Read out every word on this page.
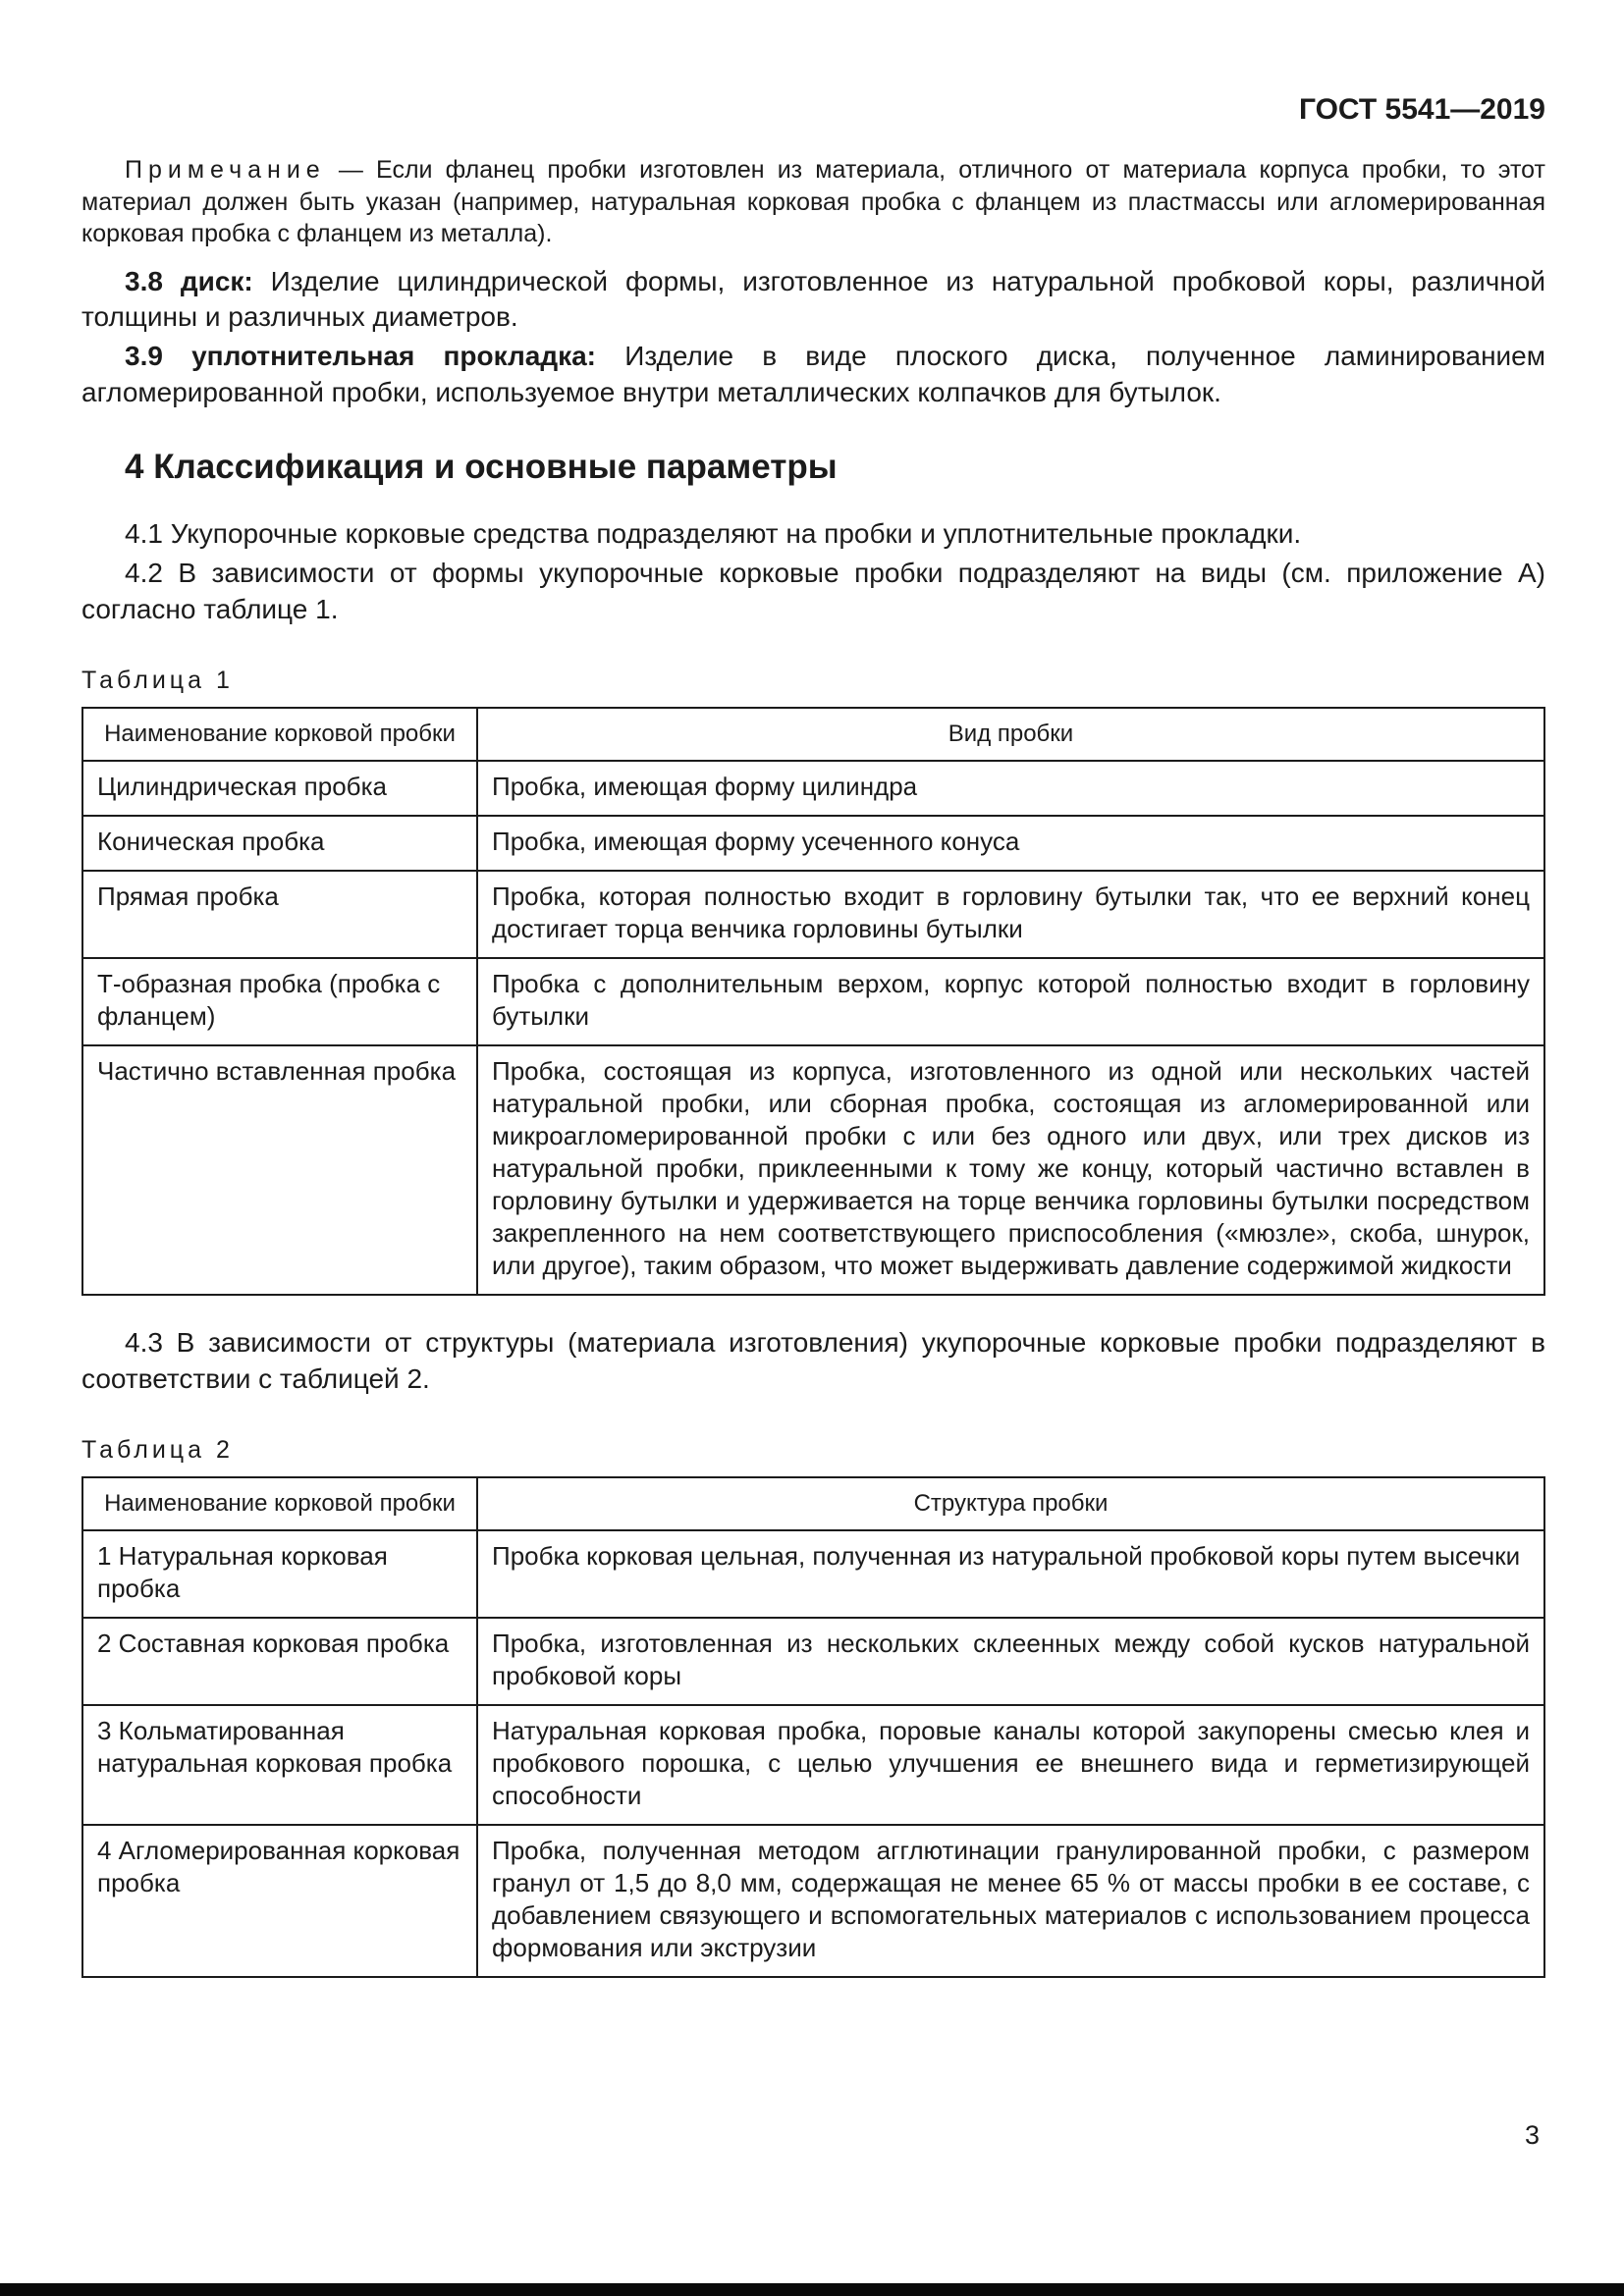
ГОСТ 5541—2019

Примечание — Если фланец пробки изготовлен из материала, отличного от материала корпуса пробки, то этот материал должен быть указан (например, натуральная корковая пробка с фланцем из пластмассы или агломерированная корковая пробка с фланцем из металла).

3.8 диск: Изделие цилиндрической формы, изготовленное из натуральной пробковой коры, различной толщины и различных диаметров.

3.9 уплотнительная прокладка: Изделие в виде плоского диска, полученное ламинированием агломерированной пробки, используемое внутри металлических колпачков для бутылок.

4 Классификация и основные параметры

4.1 Укупорочные корковые средства подразделяют на пробки и уплотнительные прокладки.

4.2 В зависимости от формы укупорочные корковые пробки подразделяют на виды (см. приложение А) согласно таблице 1.

Таблица 1

Наименование корковой пробки	Вид пробки
Цилиндрическая пробка	Пробка, имеющая форму цилиндра
Коническая пробка	Пробка, имеющая форму усеченного конуса
Прямая пробка	Пробка, которая полностью входит в горловину бутылки так, что ее верхний конец достигает торца венчика горловины бутылки
Т-образная пробка (пробка с фланцем)	Пробка с дополнительным верхом, корпус которой полностью входит в горловину бутылки
Частично вставленная пробка	Пробка, состоящая из корпуса, изготовленного из одной или нескольких частей натуральной пробки, или сборная пробка, состоящая из агломерированной или микроагломерированной пробки с или без одного или двух, или трех дисков из натуральной пробки, приклеенными к тому же концу, который частично вставлен в горловину бутылки и удерживается на торце венчика горловины бутылки посредством закрепленного на нем соответствующего приспособления («мюзле», скоба, шнурок, или другое), таким образом, что может выдерживать давление содержимой жидкости

4.3 В зависимости от структуры (материала изготовления) укупорочные корковые пробки подразделяют в соответствии с таблицей 2.

Таблица 2

Наименование корковой пробки	Структура пробки
1 Натуральная корковая пробка	Пробка корковая цельная, полученная из натуральной пробковой коры путем высечки
2 Составная корковая пробка	Пробка, изготовленная из нескольких склеенных между собой кусков натуральной пробковой коры
3 Кольматированная натуральная корковая пробка	Натуральная корковая пробка, поровые каналы которой закупорены смесью клея и пробкового порошка, с целью улучшения ее внешнего вида и герметизирующей способности
4 Агломерированная корковая пробка	Пробка, полученная методом агглютинации гранулированной пробки, с размером гранул от 1,5 до 8,0 мм, содержащая не менее 65 % от массы пробки в ее составе, с добавлением связующего и вспомогательных материалов с использованием процесса формования или экструзии
3
